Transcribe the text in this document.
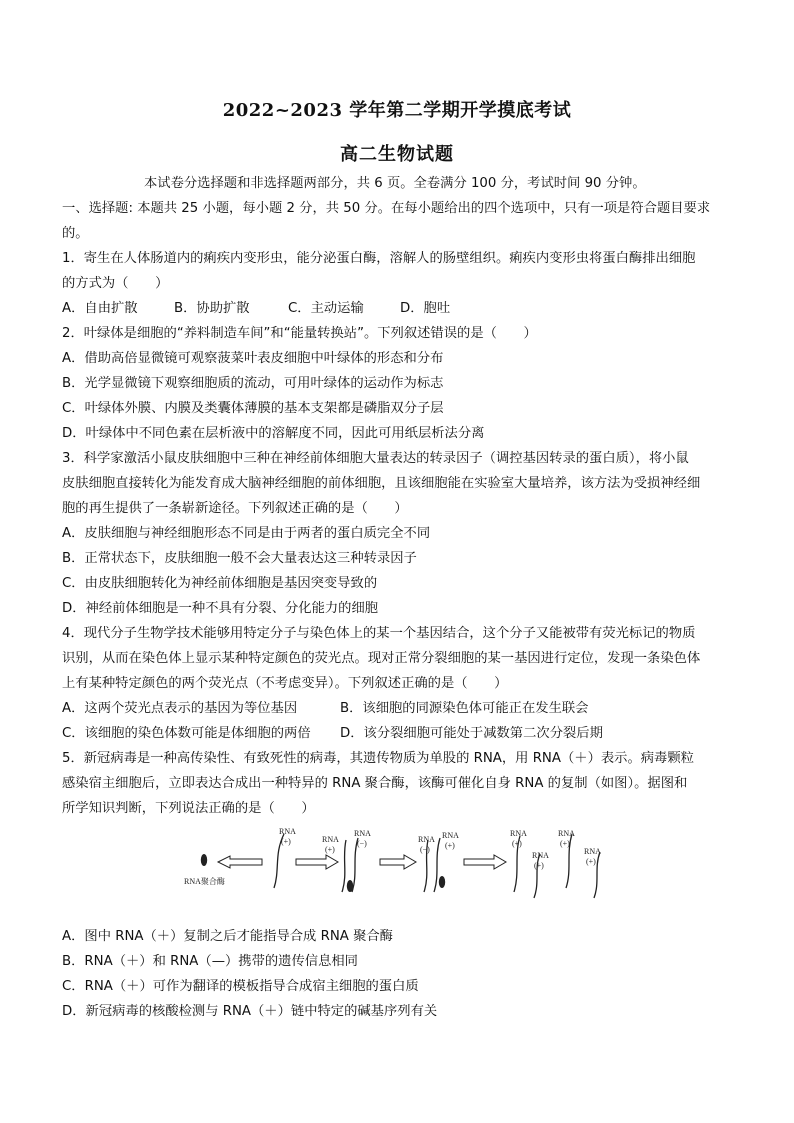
2022~2023 学年第二学期开学摸底考试
高二生物试题
本试卷分选择题和非选择题两部分，共 6 页。全卷满分 100 分，考试时间 90 分钟。
一、选择题: 本题共 25 小题，每小题 2 分，共 50 分。在每小题给出的四个选项中，只有一项是符合题目要求
的。
1．寄生在人体肠道内的痢疾内变形虫，能分泌蛋白酶，溶解人的肠壁组织。痢疾内变形虫将蛋白酶排出细胞
的方式为（　　）
A．自由扩散	B．协助扩散	C．主动运输	D．胞吐
2．叶绿体是细胞的“养料制造车间”和“能量转换站”。下列叙述错误的是（　　）
A．借助高倍显微镜可观察菠菜叶表皮细胞中叶绿体的形态和分布
B．光学显微镜下观察细胞质的流动，可用叶绿体的运动作为标志
C．叶绿体外膜、内膜及类囊体薄膜的基本支架都是磷脂双分子层
D．叶绿体中不同色素在层析液中的溶解度不同，因此可用纸层析法分离
3．科学家激活小鼠皮肤细胞中三种在神经前体细胞大量表达的转录因子（调控基因转录的蛋白质），将小鼠
皮肤细胞直接转化为能发育成大脑神经细胞的前体细胞，且该细胞能在实验室大量培养，该方法为受损神经细
胞的再生提供了一条崭新途径。下列叙述正确的是（　　）
A．皮肤细胞与神经细胞形态不同是由于两者的蛋白质完全不同
B．正常状态下，皮肤细胞一般不会大量表达这三种转录因子
C．由皮肤细胞转化为神经前体细胞是基因突变导致的
D．神经前体细胞是一种不具有分裂、分化能力的细胞
4．现代分子生物学技术能够用特定分子与染色体上的某一个基因结合，这个分子又能被带有荧光标记的物质
识别，从而在染色体上显示某种特定颜色的荧光点。现对正常分裂细胞的某一基因进行定位，发现一条染色体
上有某种特定颜色的两个荧光点（不考虑变异）。下列叙述正确的是（　　）
A．这两个荧光点表示的基因为等位基因	B．该细胞的同源染色体可能正在发生联会
C．该细胞的染色体数可能是体细胞的两倍 D．该分裂细胞可能处于减数第二次分裂后期
5．新冠病毒是一种高传染性、有致死性的病毒，其遗传物质为单股的 RNA，用 RNA（＋）表示。病毒颗粒
感染宿主细胞后，立即表达合成出一种特异的 RNA 聚合酶，该酶可催化自身 RNA 的复制（如图）。据图和
所学知识判断，下列说法正确的是（　　）
RNA聚合酶
RNA
(+)	RNA
(+)
RNA
(−)	RNA
(−)
RNA
(+)
RNA
(+)
RNA
(+)
RNA
(+)
RNA
(+)
A．图中 RNA（＋）复制之后才能指导合成 RNA 聚合酶
B．RNA（＋）和 RNA（—）携带的遗传信息相同
C．RNA（＋）可作为翻译的模板指导合成宿主细胞的蛋白质
D．新冠病毒的核酸检测与 RNA（＋）链中特定的碱基序列有关
